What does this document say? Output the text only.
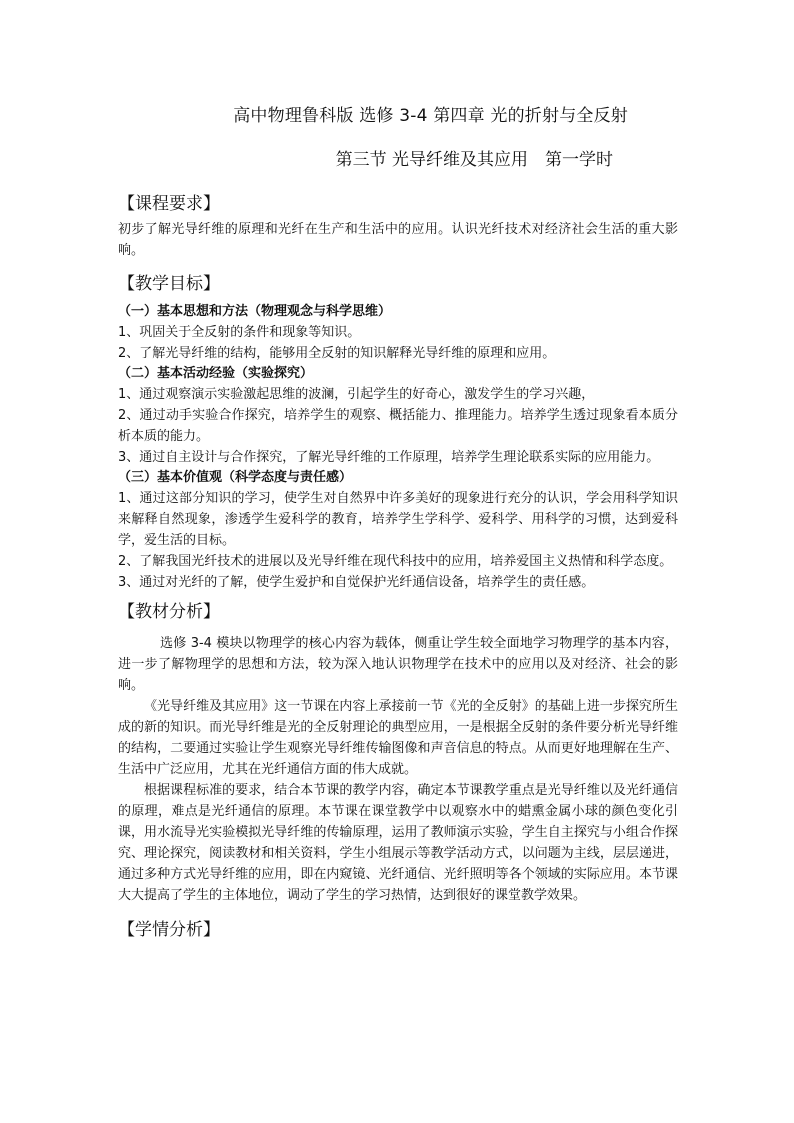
高中物理鲁科版 选修 3-4 第四章 光的折射与全反射
第三节 光导纤维及其应用　第一学时
【课程要求】

初步了解光导纤维的原理和光纤在生产和生活中的应用。认识光纤技术对经济社会生活的重大影响。

【教学目标】

（一）基本思想和方法（物理观念与科学思维）

1、巩固关于全反射的条件和现象等知识。
2、了解光导纤维的结构，能够用全反射的知识解释光导纤维的原理和应用。

（二）基本活动经验（实验探究）

1、通过观察演示实验激起思维的波澜，引起学生的好奇心，激发学生的学习兴趣，
2、通过动手实验合作探究，培养学生的观察、概括能力、推理能力。培养学生透过现象看本质分析本质的能力。
3、通过自主设计与合作探究，了解光导纤维的工作原理，培养学生理论联系实际的应用能力。

（三）基本价值观（科学态度与责任感）

1、通过这部分知识的学习，使学生对自然界中许多美好的现象进行充分的认识，学会用科学知识来解释自然现象，渗透学生爱科学的教育，培养学生学科学、爱科学、用科学的习惯，达到爱科学，爱生活的目标。
2、了解我国光纤技术的进展以及光导纤维在现代科技中的应用，培养爱国主义热情和科学态度。
3、通过对光纤的了解，使学生爱护和自觉保护光纤通信设备，培养学生的责任感。
【教材分析】

选修 3-4 模块以物理学的核心内容为载体，侧重让学生较全面地学习物理学的基本内容，进一步了解物理学的思想和方法，较为深入地认识物理学在技术中的应用以及对经济、社会的影响。

《光导纤维及其应用》这一节课在内容上承接前一节《光的全反射》的基础上进一步探究所生成的新的知识。而光导纤维是光的全反射理论的典型应用，一是根据全反射的条件要分析光导纤维的结构，二要通过实验让学生观察光导纤维传输图像和声音信息的特点。从而更好地理解在生产、生活中广泛应用，尤其在光纤通信方面的伟大成就。

根据课程标准的要求，结合本节课的教学内容，确定本节课教学重点是光导纤维以及光纤通信的原理，难点是光纤通信的原理。本节课在课堂教学中以观察水中的蜡熏金属小球的颜色变化引课，用水流导光实验模拟光导纤维的传输原理，运用了教师演示实验，学生自主探究与小组合作探究、理论探究，阅读教材和相关资料，学生小组展示等教学活动方式，以问题为主线，层层递进，通过多种方式光导纤维的应用，即在内窥镜、光纤通信、光纤照明等各个领域的实际应用。本节课大大提高了学生的主体地位，调动了学生的学习热情，达到很好的课堂教学效果。

【学情分析】
